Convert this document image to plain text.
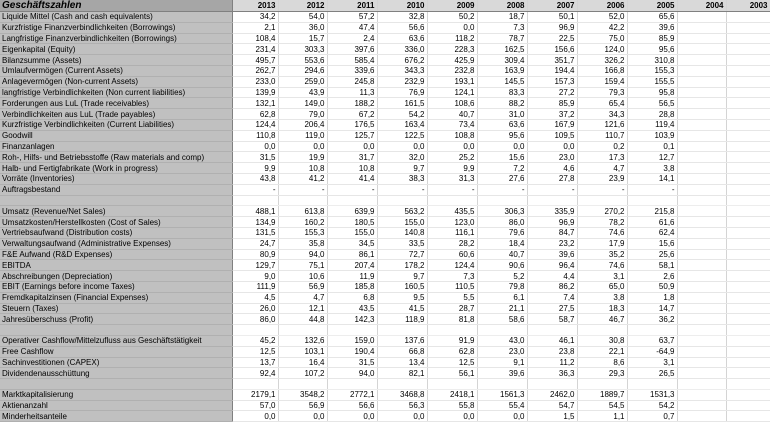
Geschäftszahlen	2013	2012	2011	2010	2009	2008	2007	2006	2005	2004	2003
Liquide Mittel (Cash and cash equivalents)	34,2	54,0	57,2	32,8	50,2	18,7	50,1	52,0	65,6		
Kurzfristige Finanzverbindlichkeiten (Borrowings)	2,1	36,0	47,4	56,6	0,0	7,3	96,9	42,2	39,6		
Langfristige Finanzverbindlichkeiten (Borrowings)	108,4	15,7	2,4	63,6	118,2	78,7	22,5	75,0	85,9		
Eigenkapital (Equity)	231,4	303,3	397,6	336,0	228,3	162,5	156,6	124,0	95,6		
Bilanzsumme (Assets)	495,7	553,6	585,4	676,2	425,9	309,4	351,7	326,2	310,8		
Umlaufvermögen (Current Assets)	262,7	294,6	339,6	343,3	232,8	163,9	194,4	166,8	155,3		
Anlagevermögen (Non-current Assets)	233,0	259,0	245,8	232,9	193,1	145,5	157,3	159,4	155,5		
langfristige Verbindlichkeiten (Non current liabilities)	139,9	43,9	11,3	76,9	124,1	83,3	27,2	79,3	95,8		
Forderungen aus LuL (Trade receivables)	132,1	149,0	188,2	161,5	108,6	88,2	85,9	65,4	56,5		
Verbindlichkeiten aus LuL (Trade payables)	62,8	79,0	67,2	54,2	40,7	31,0	37,2	34,3	28,8		
Kurzfristige Verbindlichkeiten (Current Liabilities)	124,4	206,4	176,5	163,4	73,4	63,6	167,9	121,6	119,4		
Goodwill	110,8	119,0	125,7	122,5	108,8	95,6	109,5	110,7	103,9		
Finanzanlagen	0,0	0,0	0,0	0,0	0,0	0,0	0,0	0,2	0,1		
Roh-, Hilfs- und Betriebsstoffe (Raw materials and comp)	31,5	19,9	31,7	32,0	25,2	15,6	23,0	17,3	12,7		
Halb- und Fertigfabrikate (Work in progress)	9,9	10,8	10,8	9,7	9,9	7,2	4,6	4,7	3,8		
Vorräte (Inventories)	43,8	41,2	41,4	38,3	31,3	27,6	27,8	23,9	14,1		
Auftragsbestand	-	-	-	-	-	-	-	-	-		

Umsatz (Revenue/Net Sales)	488,1	613,8	639,9	563,2	435,5	306,3	335,9	270,2	215,8		
Umsatzkosten/Herstellkosten (Cost of Sales)	134,9	160,2	180,5	155,0	123,0	86,0	96,9	78,2	61,6		
Vertriebsaufwand (Distribution costs)	131,5	155,3	155,0	140,8	116,1	79,6	84,7	74,6	62,4		
Verwaltungsaufwand (Administrative Expenses)	24,7	35,8	34,5	33,5	28,2	18,4	23,2	17,9	15,6		
F&E Aufwand (R&D Expenses)	80,9	94,0	86,1	72,7	60,6	40,7	39,6	35,2	25,6		
EBITDA	129,7	75,1	207,4	178,2	124,4	90,6	96,4	74,6	58,1		
Abschreibungen (Depreciation)	9,0	10,6	11,9	9,7	7,3	5,2	4,4	3,1	2,6		
EBIT (Earnings before income Taxes)	111,9	56,9	185,8	160,5	110,5	79,8	86,2	65,0	50,9		
Fremdkapitalzinsen (Financial Expenses)	4,5	4,7	6,8	9,5	5,5	6,1	7,4	3,8	1,8		
Steuern (Taxes)	26,0	12,1	43,5	41,5	28,7	21,1	27,5	18,3	14,7		
Jahresüberschuss (Profit)	86,0	44,8	142,3	118,9	81,8	58,6	58,7	46,7	36,2		

Operativer Cashflow/Mittelzufluss aus Geschäftstätigkeit	45,2	132,6	159,0	137,6	91,9	43,0	46,1	30,8	63,7		
Free Cashflow	12,5	103,1	190,4	66,8	62,8	23,0	23,8	22,1	-64,9		
Sachinvestitionen (CAPEX)	13,7	16,4	31,5	13,4	12,5	9,1	11,2	8,6	3,1		
Dividendenausschüttung	92,4	107,2	94,0	82,1	56,1	39,6	36,3	29,3	26,5		

Marktkapitalisierung	2179,1	3548,2	2772,1	3468,8	2418,1	1561,3	2462,0	1889,7	1531,3		
Aktienanzahl	57,0	56,9	56,6	56,3	55,8	55,4	54,7	54,5	54,2		
Minderheitsanteile	0,0	0,0	0,0	0,0	0,0	0,0	1,5	1,1	0,7		
